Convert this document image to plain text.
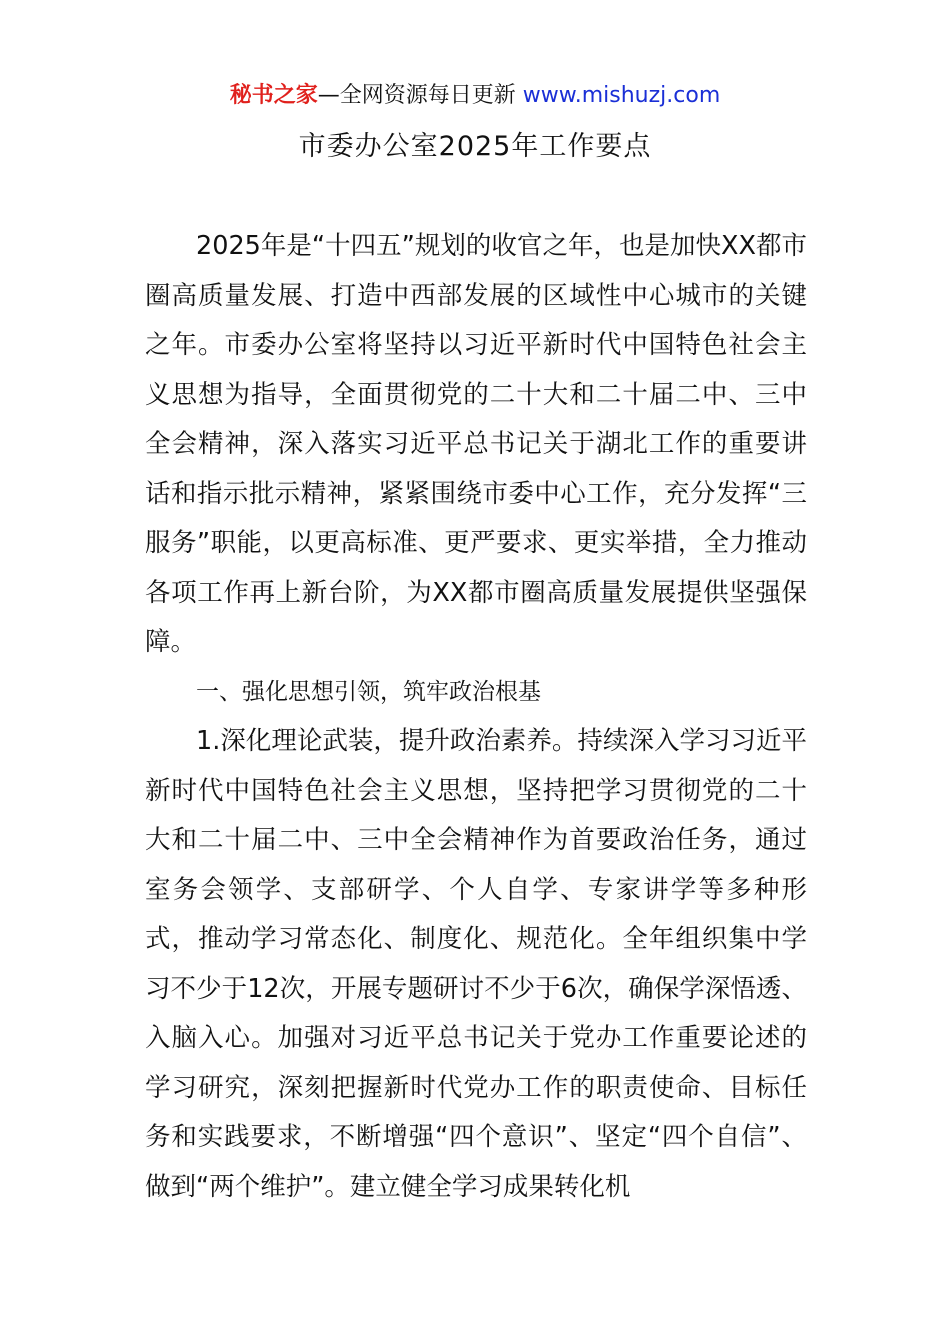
秘书之家—全网资源每日更新 www.mishuzj.com
市委办公室2025年工作要点

2025年是“十四五”规划的收官之年，也是加快XX都市圈高质量发展、打造中西部发展的区域性中心城市的关键之年。市委办公室将坚持以习近平新时代中国特色社会主义思想为指导，全面贯彻党的二十大和二十届二中、三中全会精神，深入落实习近平总书记关于湖北工作的重要讲话和指示批示精神，紧紧围绕市委中心工作，充分发挥“三服务”职能，以更高标准、更严要求、更实举措，全力推动各项工作再上新台阶，为XX都市圈高质量发展提供坚强保障。

一、强化思想引领，筑牢政治根基

1.深化理论武装，提升政治素养。持续深入学习习近平新时代中国特色社会主义思想，坚持把学习贯彻党的二十大和二十届二中、三中全会精神作为首要政治任务，通过室务会领学、支部研学、个人自学、专家讲学等多种形式，推动学习常态化、制度化、规范化。全年组织集中学习不少于12次，开展专题研讨不少于6次，确保学深悟透、入脑入心。加强对习近平总书记关于党办工作重要论述的学习研究，深刻把握新时代党办工作的职责使命、目标任务和实践要求，不断增强“四个意识”、坚定“四个自信”、做到“两个维护”。建立健全学习成果转化机
